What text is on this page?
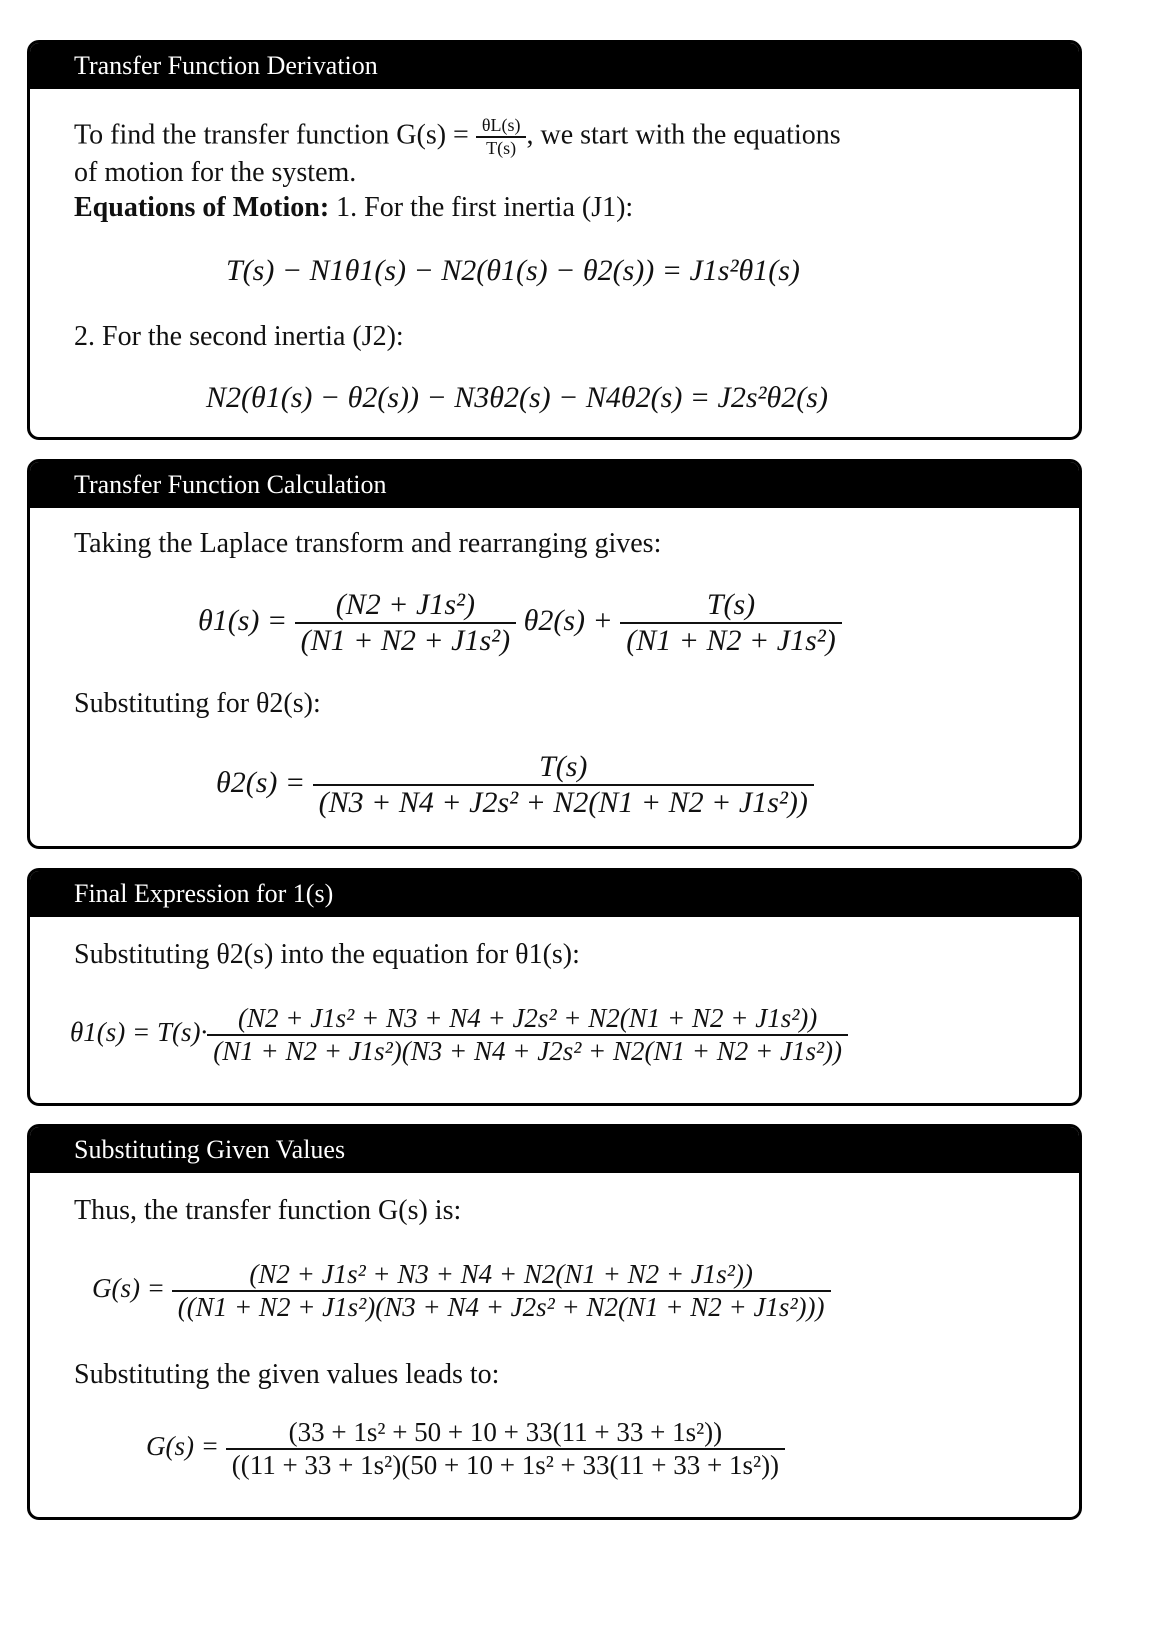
Transfer Function Derivation
To find the transfer function $G(s) = \frac{\theta L(s)}{T(s)}$ , we start with the equations
of motion for the system.
Equations of Motion: 1. For the first inertia (J1):
T(s) − N1θ1(s) − N2(θ1(s) − θ2(s)) = J1s²θ1(s)
2. For the second inertia (J2):
N2(θ1(s) − θ2(s)) − N3θ2(s) − N4θ2(s) = J2s²θ2(s)
Transfer Function Calculation
Taking the Laplace transform and rearranging gives:
$\theta 1(s) = \frac{\text{(N2 + J1s²)}}{\text{(N1 + N2 + J1s²)}} \theta 2(s) + \frac{T(s)}{\text{(N1 + N2 + J1s²)}}$
Substituting for θ2(s):
$\theta 2(s) = \frac{T(s)}{\text{(N3 + N4 + J2s² + N2(N1 + N2 + J1s²))}}$
Final Expression for 1(s)
Substituting θ2(s) into the equation for θ1(s):
$\theta 1(s) = T(s)\cdot \frac{\text{(N2 + J1s² + N3 + N4 + J2s² + N2(N1 + N2 + J1s²))}}{\text{(N1 + N2 + J1s²)(N3 + N4 + J2s² + N2(N1 + N2 + J1s²))}}$
Substituting Given Values
Thus, the transfer function G(s) is:
$G(s) = \frac{\text{(N2 + J1s² + N3 + N4 + N2(N1 + N2 + J1s²))}}{\text{((N1 + N2 + J1s²)(N3 + N4 + J2s² + N2(N1 + N2 + J1s²)))}}$
Substituting the given values leads to:
$G(s) = \frac{\text{(33 + 1s² + 50 + 10 + 33(11 + 33 + 1s²))}}{\text{((11 + 33 + 1s²)(50 + 10 + 1s² + 33(11 + 33 + 1s²))}}$
